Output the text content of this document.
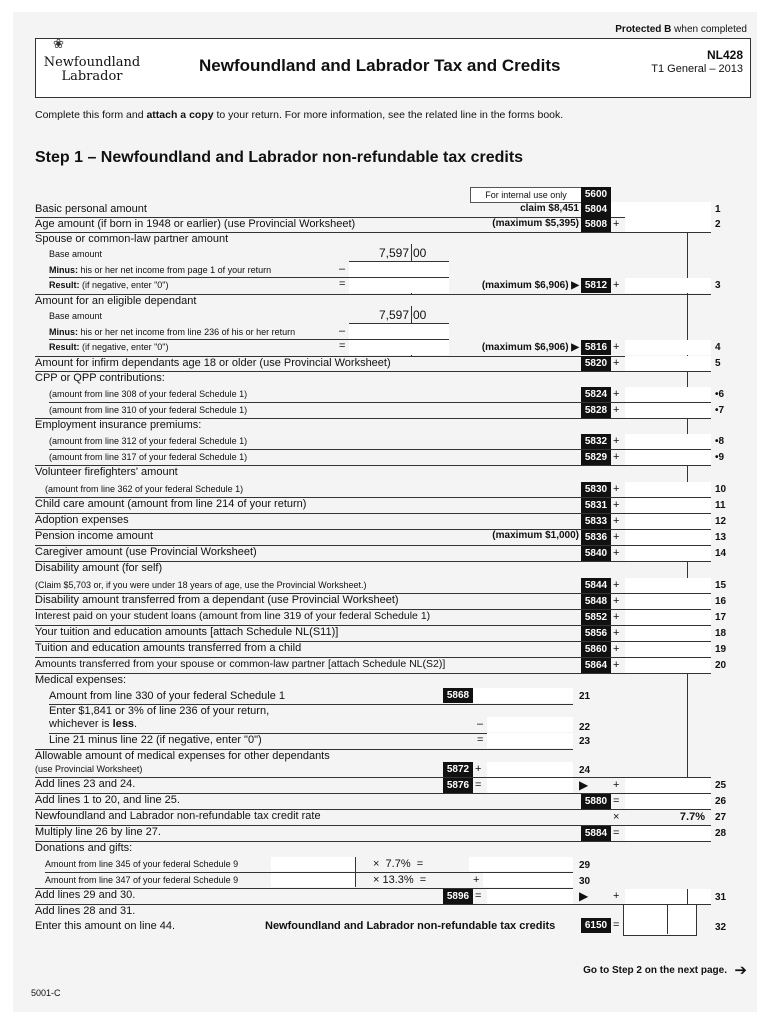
Protected B when completed
❀
Newfoundland
Labrador
Newfoundland and Labrador Tax and Credits
NL428
T1 General – 2013
Complete this form and attach a copy to your return. For more information, see the related line in the forms book.
Step 1 – Newfoundland and Labrador non-refundable tax credits
For internal use only	5600
Basic personal amount	claim $8,451 5804	1
Age amount (if born in 1948 or earlier) (use Provincial Worksheet)	(maximum $5,395) 5808 +	2
Spouse or common-law partner amount
Base amount	7,597 00
Minus: his or her net income from page 1 of your return	–
Result: (if negative, enter "0")	=	(maximum $6,906) ▶ 5812 +	3
Amount for an eligible dependant
Base amount	7,597 00
Minus: his or her net income from line 236 of his or her return	–
Result: (if negative, enter "0")	=	(maximum $6,906) ▶ 5816 +	4
Amount for infirm dependants age 18 or older (use Provincial Worksheet)	5820 +	5
CPP or QPP contributions:
(amount from line 308 of your federal Schedule 1)	5824 +	•6
(amount from line 310 of your federal Schedule 1)	5828 +	•7
Employment insurance premiums:
(amount from line 312 of your federal Schedule 1)	5832 +	•8
(amount from line 317 of your federal Schedule 1)	5829 +	•9
Volunteer firefighters' amount
(amount from line 362 of your federal Schedule 1)	5830 +	10
Child care amount (amount from line 214 of your return)	5831 +	11
Adoption expenses	5833 +	12
Pension income amount	(maximum $1,000) 5836 +	13
Caregiver amount (use Provincial Worksheet)	5840 +	14
Disability amount (for self)
(Claim $5,703 or, if you were under 18 years of age, use the Provincial Worksheet.)	5844 +	15
Disability amount transferred from a dependant (use Provincial Worksheet)	5848 +	16
Interest paid on your student loans (amount from line 319 of your federal Schedule 1)	5852 +	17
Your tuition and education amounts [attach Schedule NL(S11)]	5856 +	18
Tuition and education amounts transferred from a child	5860 +	19
Amounts transferred from your spouse or common-law partner [attach Schedule NL(S2)]	5864 +	20
Medical expenses:
Amount from line 330 of your federal Schedule 1	5868	21
Enter $1,841 or 3% of line 236 of your return,
whichever is less.	–	22
Line 21 minus line 22 (if negative, enter "0")	=	23
Allowable amount of medical expenses for other dependants
(use Provincial Worksheet)	5872 +	24
Add lines 23 and 24.	5876 =	▶ +	25
Add lines 1 to 20, and line 25.	5880 =	26
Newfoundland and Labrador non-refundable tax credit rate	×	7.7% 27
Multiply line 26 by line 27.	5884 =	28
Donations and gifts:
Amount from line 345 of your federal Schedule 9	×  7.7%  =	29
Amount from line 347 of your federal Schedule 9	× 13.3%  =	+	30
Add lines 29 and 30.	5896 =	▶ +	31
Add lines 28 and 31.
Enter this amount on line 44.	Newfoundland and Labrador non-refundable tax credits	6150 =	32
Go to Step 2 on the next page. ➔
5001-C
